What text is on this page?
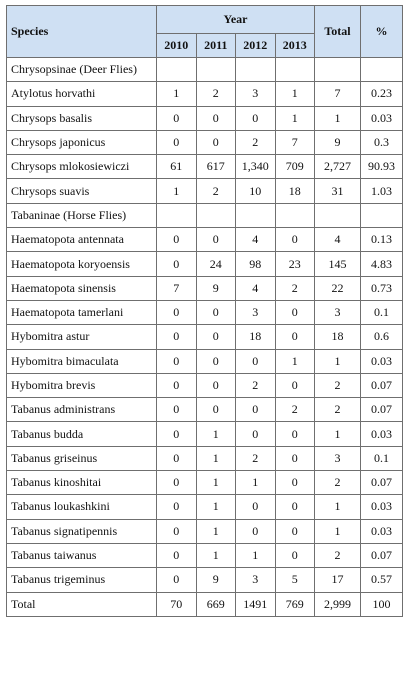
Species	Year				Total	%
	2010	2011	2012	2013		
Chrysopsinae (Deer Flies)						
Atylotus horvathi	1	2	3	1	7	0.23
Chrysops basalis	0	0	0	1	1	0.03
Chrysops japonicus	0	0	2	7	9	0.3
Chrysops mlokosiewiczi	61	617	1,340	709	2,727	90.93
Chrysops suavis	1	2	10	18	31	1.03
Tabaninae (Horse Flies)						
Haematopota antennata	0	0	4	0	4	0.13
Haematopota koryoensis	0	24	98	23	145	4.83
Haematopota sinensis	7	9	4	2	22	0.73
Haematopota tamerlani	0	0	3	0	3	0.1
Hybomitra astur	0	0	18	0	18	0.6
Hybomitra bimaculata	0	0	0	1	1	0.03
Hybomitra brevis	0	0	2	0	2	0.07
Tabanus administrans	0	0	0	2	2	0.07
Tabanus budda	0	1	0	0	1	0.03
Tabanus griseinus	0	1	2	0	3	0.1
Tabanus kinoshitai	0	1	1	0	2	0.07
Tabanus loukashkini	0	1	0	0	1	0.03
Tabanus signatipennis	0	1	0	0	1	0.03
Tabanus taiwanus	0	1	1	0	2	0.07
Tabanus trigeminus	0	9	3	5	17	0.57
Total	70	669	1491	769	2,999	100
